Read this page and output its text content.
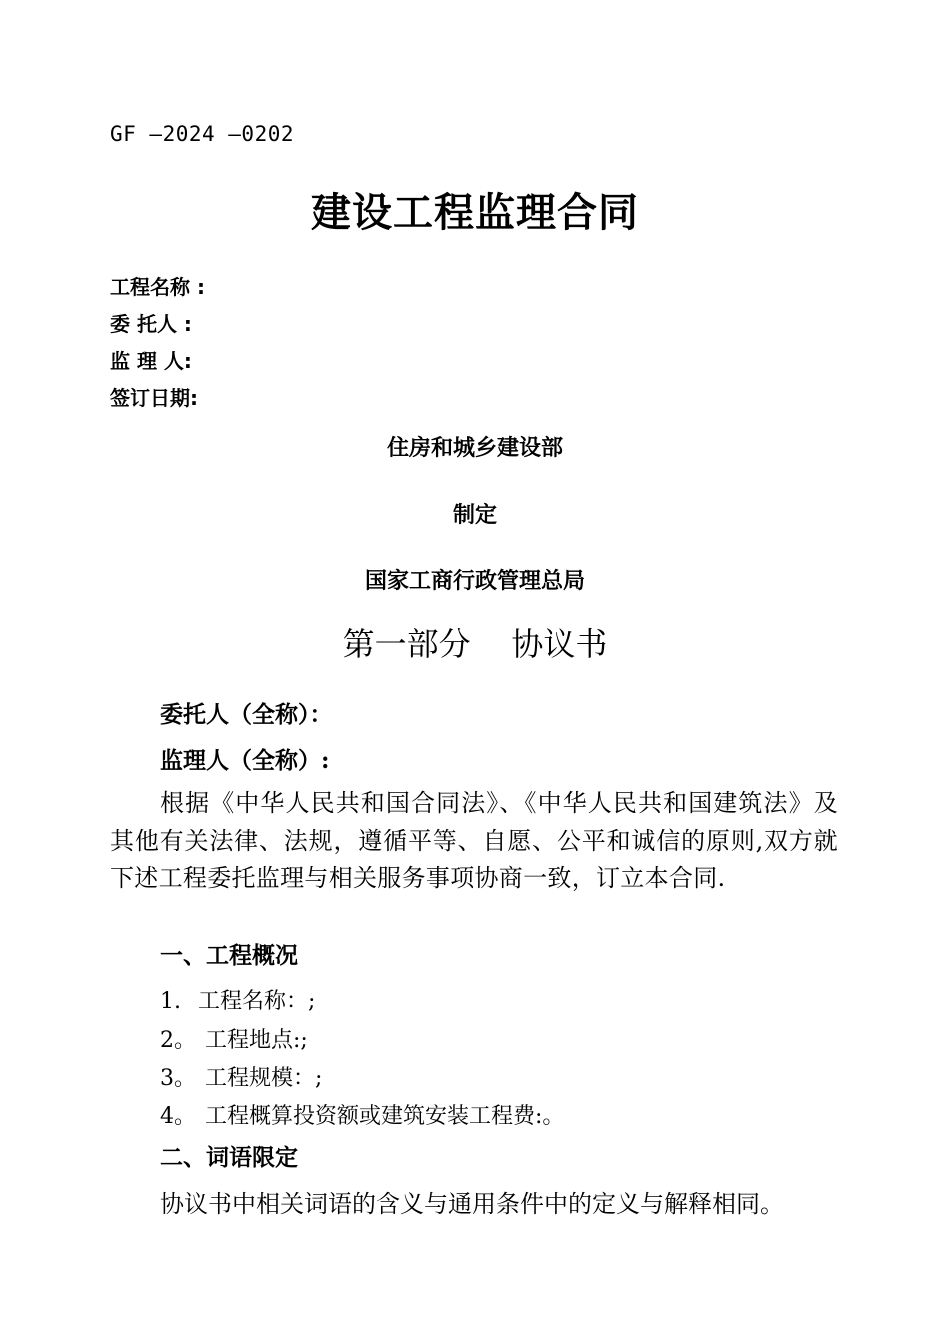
GF —2024 —0202
建设工程监理合同
工程名称 :
委 托人 :
监 理 人:
签订日期:
住房和城乡建设部
制定
国家工商行政管理总局
第一部分    协议书
委托人（全称）：
监理人（全称）:
根据《中华人民共和国合同法》、《中华人民共和国建筑法》及其他有关法律、法规，遵循平等、自愿、公平和诚信的原则,双方就下述工程委托监理与相关服务事项协商一致，订立本合同.
一、工程概况
1. 工程名称：;
2。 工程地点:;
3。 工程规模：;
4。 工程概算投资额或建筑安装工程费:。
二、词语限定
协议书中相关词语的含义与通用条件中的定义与解释相同。
